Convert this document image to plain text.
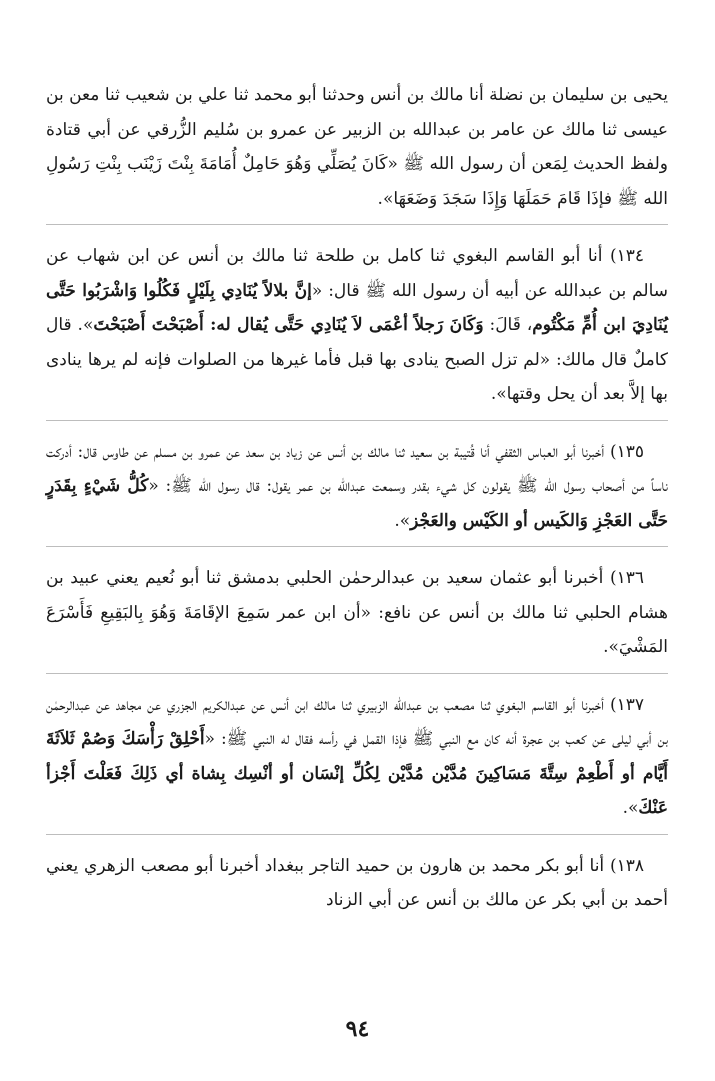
يحيى بن سليمان بن نضلة أنا مالك بن أنس وحدثنا أبو محمد ثنا علي بن شعيب ثنا معن بن عيسى ثنا مالك عن عامر بن عبدالله بن الزبير عن عمرو بن سُليم الزُّرقي عن أبي قتادة ولفظ الحديث لِمَعن أن رسول الله ﷺ «كَانَ يُصَلِّي وَهُوَ حَامِلٌ أُمَامَةَ بِنْتَ زَيْنَب بِنْتِ رَسُولِ الله ﷺ فإذَا قَامَ حَمَلَهَا وَإِذَا سَجَدَ وَضَعَهَا».

١٣٤) أنا أبو القاسم البغوي ثنا كامل بن طلحة ثنا مالك بن أنس عن ابن شهاب عن سالم بن عبدالله عن أبيه أن رسول الله ﷺ قال: «إنَّ بلالاً يُنَادِي بِلَيْلٍ فَكُلُوا وَاشْرَبُوا حَتَّى يُنَادِيَ ابن أُمِّ مَكْتُوم، قَالَ: وَكَانَ رَجلاً أعْمَى لاَ يُنَادِي حَتَّى يُقال له: أَصْبَحْتَ أَصْبَحْتَ». قال كاملٌ قال مالك: «لم تزل الصبح ينادى بها قبل فأما غيرها من الصلوات فإنه لم يرها ينادى بها إلاَّ بعد أن يحل وقتها».

١٣٥) أخبرنا أبو العباس الثقفي أنا قُتيبة بن سعيد ثنا مالك بن أنس عن زياد بن سعد عن عمرو بن مسلم عن طاوس قال: أدركت ناساً من أصحاب رسول الله ﷺ يقولون كل شيء بقدر وسمعت عبدالله بن عمر يقول: قال رسول الله ﷺ: «كُلُّ شَيْءٍ بِقَدَرٍ حَتَّى العَجْزِ وَالكَيس أو الكَيْس والعَجْز».

١٣٦) أخبرنا أبو عثمان سعيد بن عبدالرحمٰن الحلبي بدمشق ثنا أبو نُعيم يعني عبيد بن هشام الحلبي ثنا مالك بن أنس عن نافع: «أن ابن عمر سَمِعَ الإقَامَةَ وَهُوَ بِالبَقِيعِ فَأَسْرَعَ المَشْيَ».

١٣٧) أخبرنا أبو القاسم البغوي ثنا مصعب بن عبدالله الزبيري ثنا مالك ابن أنس عن عبدالكريم الجزري عن مجاهد عن عبدالرحمٰن بن أبي ليلى عن كعب بن عجرة أنه كان مع النبي ﷺ فإذا القمل في رأسه فقال له النبي ﷺ: «أَحْلِقْ رَأْسَكَ وَصُمْ ثَلاَثَةَ أَيَّام أو أَطْعِمْ سِتَّةَ مَسَاكِينَ مُدَّيْن مُدَّيْن لِكُلِّ إنْسَان أو أنْسِك بِشاة أي ذَلِكَ فَعَلْتَ أَجْزأ عَنْكَ».

١٣٨) أنا أبو بكر محمد بن هارون بن حميد التاجر ببغداد أخبرنا أبو مصعب الزهري يعني أحمد بن أبي بكر عن مالك بن أنس عن أبي الزناد

٩٤
